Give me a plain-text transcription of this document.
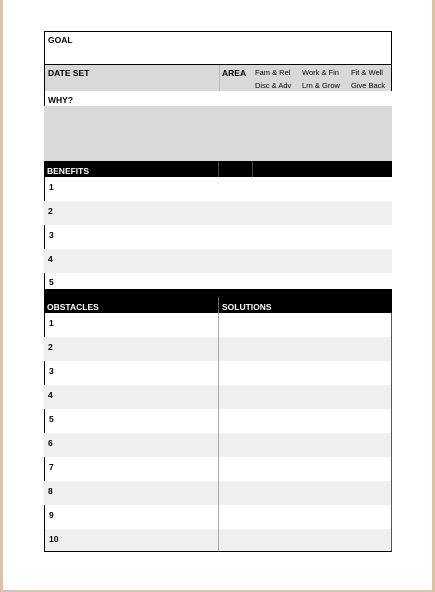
GOAL
DATE SET	AREA Fam & Rel Work & Fin Fit & Well
Disc & Adv Lrn & Grow Give Back
WHY?
BENEFITS
1
2
3
4
5
OBSTACLES	SOLUTIONS
1
2
3
4
5
6
7
8
9
10
